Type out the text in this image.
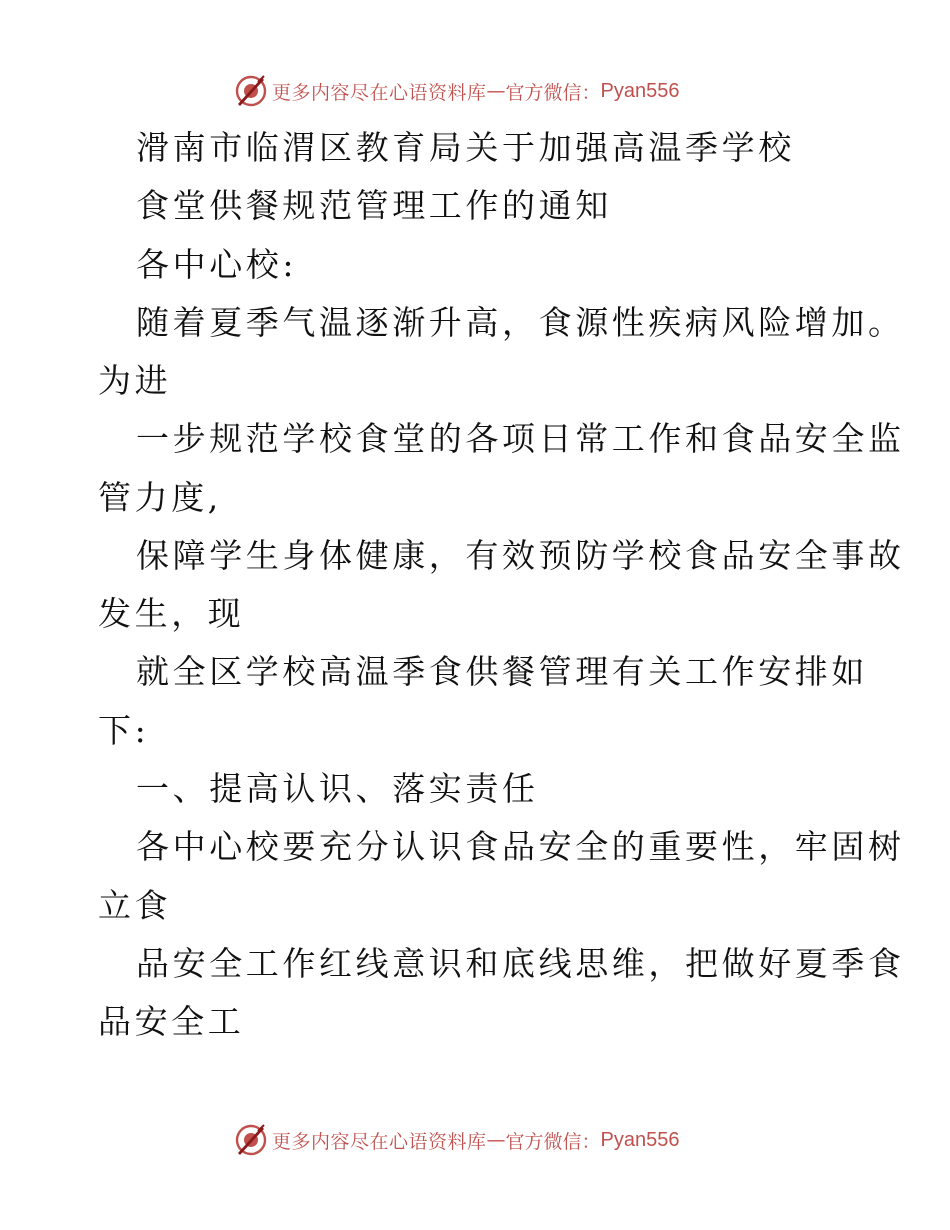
更多内容尽在心语资料库 — 官方微信： Pyan556
滑南市临渭区教育局关于加强高温季学校
食堂供餐规范管理工作的通知
各中心校:
随着夏季气温逐渐升高，食源性疾病风险增加。
为进
一步规范学校食堂的各项日常工作和食品安全监
管力度,
保障学生身体健康，有效预防学校食品安全事故
发生，现
就全区学校高温季食供餐管理有关工作安排如
下:
一、提高认识、落实责任
各中心校要充分认识食品安全的重要性，牢固树
立食
品安全工作红线意识和底线思维，把做好夏季食
品安全工
更多内容尽在心语资料库 — 官方微信： Pyan556
